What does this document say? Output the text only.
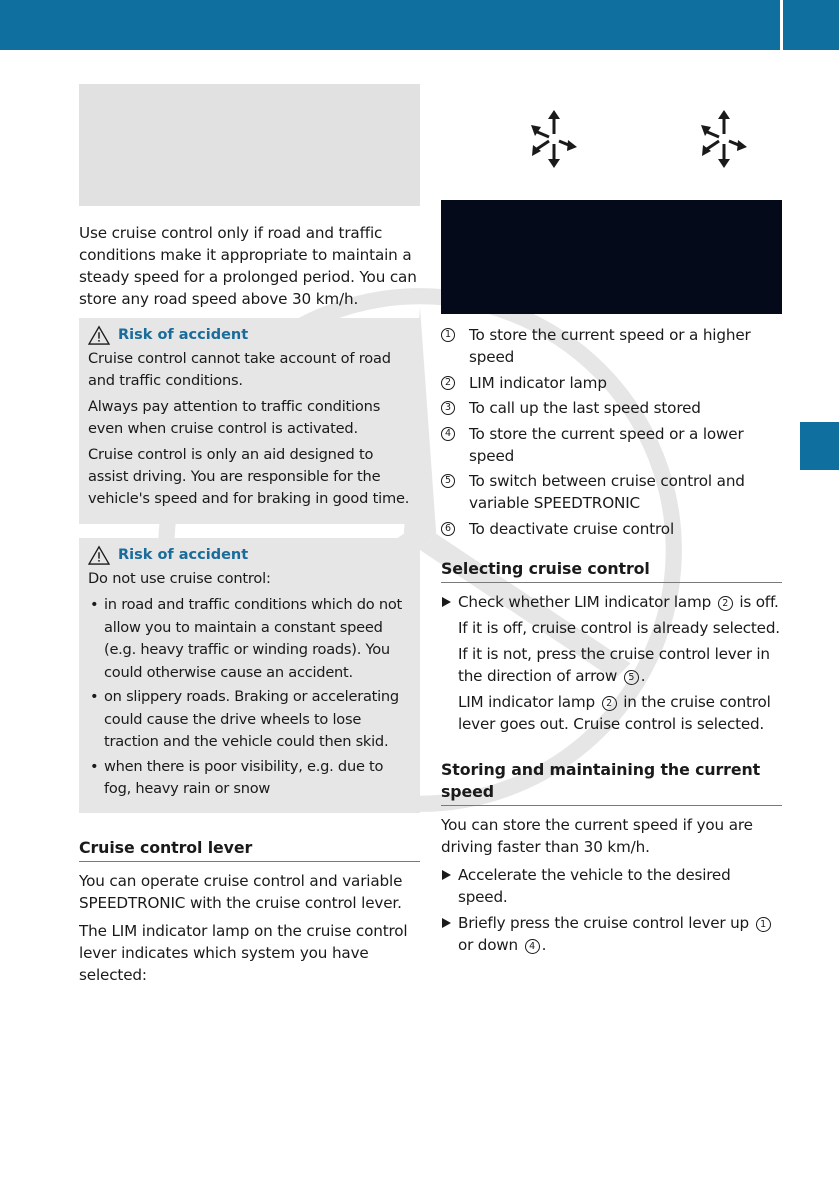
Use cruise control only if road and traffic conditions make it appropriate to maintain a steady speed for a prolonged period. You can store any road speed above 30 km/h.

Risk of accident

Cruise control cannot take account of road and traffic conditions.

Always pay attention to traffic conditions even when cruise control is activated.

Cruise control is only an aid designed to assist driving. You are responsible for the vehicle's speed and for braking in good time.

Risk of accident

Do not use cruise control:

• in road and traffic conditions which do not allow you to maintain a constant speed (e.g. heavy traffic or winding roads). You could otherwise cause an accident.
• on slippery roads. Braking or accelerating could cause the drive wheels to lose traction and the vehicle could then skid.
• when there is poor visibility, e.g. due to fog, heavy rain or snow
Cruise control lever

You can operate cruise control and variable SPEEDTRONIC with the cruise control lever.

The LIM indicator lamp on the cruise control lever indicates which system you have selected:

1 To store the current speed or a higher speed
2 LIM indicator lamp
3 To call up the last speed stored
4 To store the current speed or a lower speed
5 To switch between cruise control and variable SPEEDTRONIC
6 To deactivate cruise control
Selecting cruise control
Check whether LIM indicator lamp 2 is off.
If it is off, cruise control is already selected.
If it is not, press the cruise control lever in the direction of arrow 5 .
LIM indicator lamp 2 in the cruise control lever goes out. Cruise control is selected.
Storing and maintaining the current speed

You can store the current speed if you are driving faster than 30 km/h.

Accelerate the vehicle to the desired speed.
Briefly press the cruise control lever up 1 or down 4 .
